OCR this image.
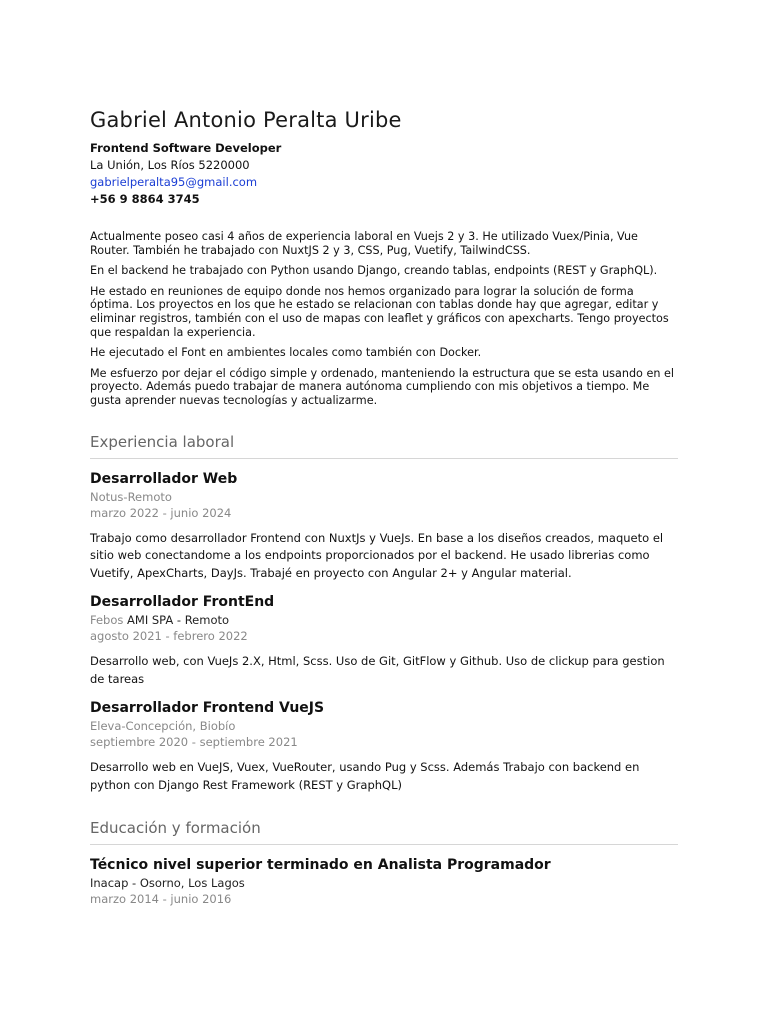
Gabriel Antonio Peralta Uribe

Frontend Software Developer

La Unión, Los Ríos 5220000

gabrielperalta95@gmail.com

+56 9 8864 3745

Actualmente poseo casi 4 años de experiencia laboral en Vuejs 2 y 3. He utilizado Vuex/Pinia, Vue Router. También he trabajado con NuxtJS 2 y 3, CSS, Pug, Vuetify, TailwindCSS.

En el backend he trabajado con Python usando Django, creando tablas, endpoints (REST y GraphQL).

He estado en reuniones de equipo donde nos hemos organizado para lograr la solución de forma óptima. Los proyectos en los que he estado se relacionan con tablas donde hay que agregar, editar y eliminar registros, también con el uso de mapas con leaflet y gráficos con apexcharts. Tengo proyectos que respaldan la experiencia.

He ejecutado el Font en ambientes locales como también con Docker.

Me esfuerzo por dejar el código simple y ordenado, manteniendo la estructura que se esta usando en el proyecto. Además puedo trabajar de manera autónoma cumpliendo con mis objetivos a tiempo. Me gusta aprender nuevas tecnologías y actualizarme.

Experiencia laboral

Desarrollador Web

Notus-Remoto

marzo 2022 - junio 2024

Trabajo como desarrollador Frontend con NuxtJs y VueJs. En base a los diseños creados, maqueto el sitio web conectandome a los endpoints proporcionados por el backend. He usado librerias como Vuetify, ApexCharts, DayJs. Trabajé en proyecto con Angular 2+ y Angular material.

Desarrollador FrontEnd

Febos AMI SPA - Remoto

agosto 2021 - febrero 2022

Desarrollo web, con VueJs 2.X, Html, Scss. Uso de Git, GitFlow y Github. Uso de clickup para gestion de tareas

Desarrollador Frontend VueJS

Eleva-Concepción, Biobío

septiembre 2020 - septiembre 2021

Desarrollo web en VueJS, Vuex, VueRouter, usando Pug y Scss. Además Trabajo con backend en python con Django Rest Framework (REST y GraphQL)

Educación y formación

Técnico nivel superior terminado en Analista Programador

Inacap - Osorno, Los Lagos

marzo 2014 - junio 2016
